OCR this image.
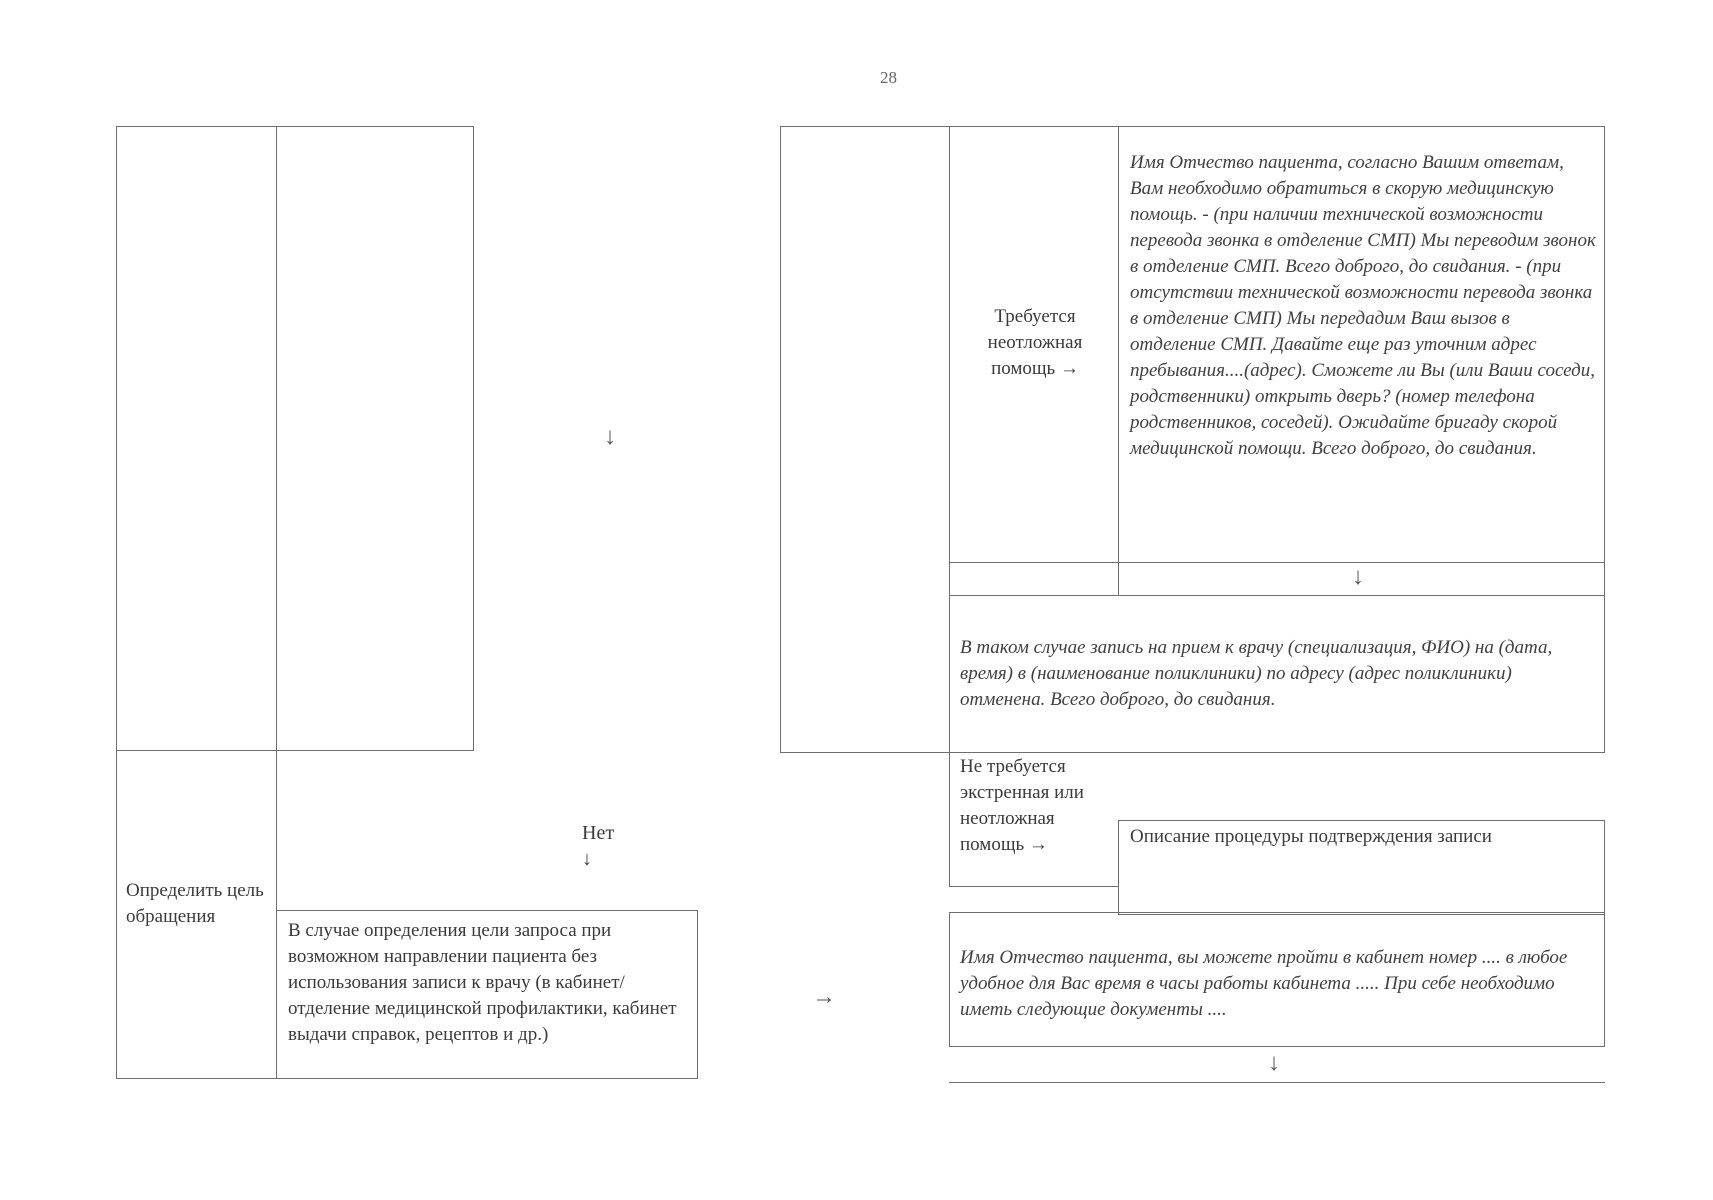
28
Определить цель обращения
↓
Нет ↓
В случае определения цели запроса при возможном направлении пациента без использования записи к врачу (в кабинет/отделение медицинской профилактики, кабинет выдачи справок, рецептов и др.)
→
Требуется неотложная помощь →
Имя Отчество пациента, согласно Вашим ответам, Вам необходимо обратиться в скорую медицинскую помощь. - (при наличии технической возможности перевода звонка в отделение СМП) Мы переводим звонок в отделение СМП. Всего доброго, до свидания. - (при отсутствии технической возможности перевода звонка в отделение СМП) Мы передадим Ваш вызов в отделение СМП. Давайте еще раз уточним адрес пребывания....(адрес). Сможете ли Вы (или Ваши соседи, родственники) открыть дверь? (номер телефона родственников, соседей). Ожидайте бригаду скорой медицинской помощи. Всего доброго, до свидания.
↓
В таком случае запись на прием к врачу (специализация, ФИО) на (дата, время) в (наименование поликлиники) по адресу (адрес поликлиники) отменена. Всего доброго, до свидания.
Не требуется экстренная или неотложная помощь →	Описание процедуры подтверждения записи
Имя Отчество пациента, вы можете пройти в кабинет номер .... в любое удобное для Вас время в часы работы кабинета ..... При себе необходимо иметь следующие документы ....
↓
